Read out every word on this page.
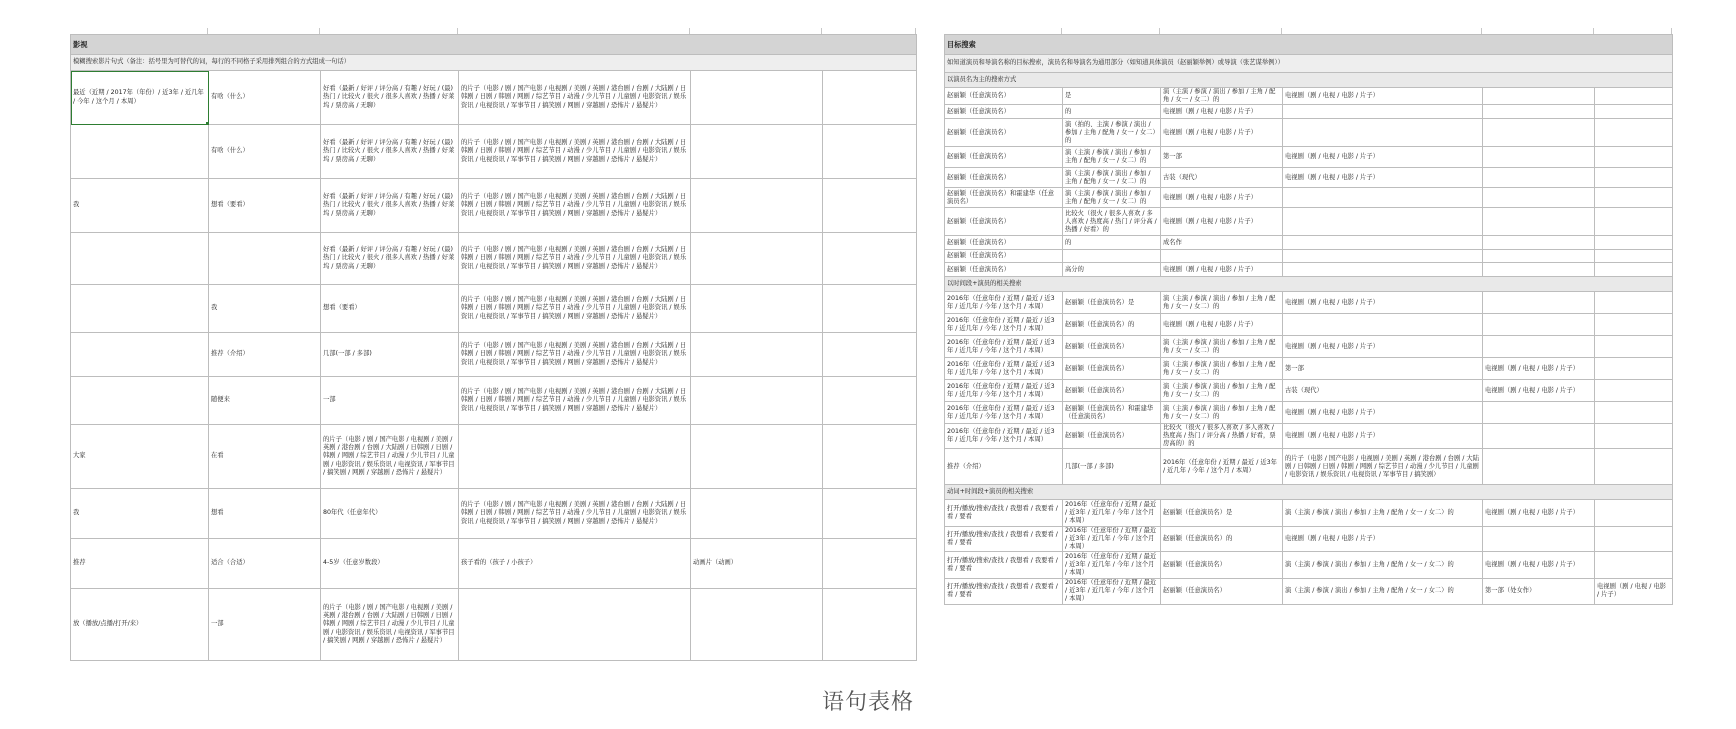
影视					
模糊搜索影片句式（备注：括号里为可替代的词，每行的不同格子采用排列组合的方式组成一句话）					
最近（近期 / 2017年（年份）/ 近3年 / 近几年 / 今年 / 这个月 / 本周）	有啥（什么）	好看（最新 / 好评 / 评分高 / 有趣 / 好玩 / (最) 热门 / 比较火 / 很火 / 很多人喜欢 / 热播 / 好莱坞 / 票房高 / 无聊）	的片子（电影 / 剧 / 国产电影 / 电视剧 / 美剧 / 英剧 / 港台剧 / 台剧 / 大陆剧 / 日韩剧 / 日剧 / 韩剧 / 网剧 / 综艺节目 / 动漫 / 少儿节目 / 儿童剧 / 电影资讯 / 娱乐资讯 / 电视资讯 / 军事节目 / 搞笑剧 / 网剧 / 穿越剧 / 恐怖片 / 悬疑片）		
	有啥（什么）	好看（最新 / 好评 / 评分高 / 有趣 / 好玩 / (最) 热门 / 比较火 / 很火 / 很多人喜欢 / 热播 / 好莱坞 / 票房高 / 无聊）	的片子（电影 / 剧 / 国产电影 / 电视剧 / 美剧 / 英剧 / 港台剧 / 台剧 / 大陆剧 / 日韩剧 / 日剧 / 韩剧 / 网剧 / 综艺节目 / 动漫 / 少儿节目 / 儿童剧 / 电影资讯 / 娱乐资讯 / 电视资讯 / 军事节目 / 搞笑剧 / 网剧 / 穿越剧 / 恐怖片 / 悬疑片）		
我	想看（要看）	好看（最新 / 好评 / 评分高 / 有趣 / 好玩 / (最) 热门 / 比较火 / 很火 / 很多人喜欢 / 热播 / 好莱坞 / 票房高 / 无聊）	的片子（电影 / 剧 / 国产电影 / 电视剧 / 美剧 / 英剧 / 港台剧 / 台剧 / 大陆剧 / 日韩剧 / 日剧 / 韩剧 / 网剧 / 综艺节目 / 动漫 / 少儿节目 / 儿童剧 / 电影资讯 / 娱乐资讯 / 电视资讯 / 军事节目 / 搞笑剧 / 网剧 / 穿越剧 / 恐怖片 / 悬疑片）		
		好看（最新 / 好评 / 评分高 / 有趣 / 好玩 / (最) 热门 / 比较火 / 很火 / 很多人喜欢 / 热播 / 好莱坞 / 票房高 / 无聊）	的片子（电影 / 剧 / 国产电影 / 电视剧 / 美剧 / 英剧 / 港台剧 / 台剧 / 大陆剧 / 日韩剧 / 日剧 / 韩剧 / 网剧 / 综艺节目 / 动漫 / 少儿节目 / 儿童剧 / 电影资讯 / 娱乐资讯 / 电视资讯 / 军事节目 / 搞笑剧 / 网剧 / 穿越剧 / 恐怖片 / 悬疑片）		
	我	想看（要看）	的片子（电影 / 剧 / 国产电影 / 电视剧 / 美剧 / 英剧 / 港台剧 / 台剧 / 大陆剧 / 日韩剧 / 日剧 / 韩剧 / 网剧 / 综艺节目 / 动漫 / 少儿节目 / 儿童剧 / 电影资讯 / 娱乐资讯 / 电视资讯 / 军事节目 / 搞笑剧 / 网剧 / 穿越剧 / 恐怖片 / 悬疑片）		
	推荐（介绍）	几部(一部 / 多部)	的片子（电影 / 剧 / 国产电影 / 电视剧 / 美剧 / 英剧 / 港台剧 / 台剧 / 大陆剧 / 日韩剧 / 日剧 / 韩剧 / 网剧 / 综艺节目 / 动漫 / 少儿节目 / 儿童剧 / 电影资讯 / 娱乐资讯 / 电视资讯 / 军事节目 / 搞笑剧 / 网剧 / 穿越剧 / 恐怖片 / 悬疑片）		
	随便来	一部	的片子（电影 / 剧 / 国产电影 / 电视剧 / 美剧 / 英剧 / 港台剧 / 台剧 / 大陆剧 / 日韩剧 / 日剧 / 韩剧 / 网剧 / 综艺节目 / 动漫 / 少儿节目 / 儿童剧 / 电影资讯 / 娱乐资讯 / 电视资讯 / 军事节目 / 搞笑剧 / 网剧 / 穿越剧 / 恐怖片 / 悬疑片）		
大家	在看	的片子（电影 / 剧 / 国产电影 / 电视剧 / 美剧 / 英剧 / 港台剧 / 台剧 / 大陆剧 / 日韩剧 / 日剧 / 韩剧 / 网剧 / 综艺节目 / 动漫 / 少儿节目 / 儿童剧 / 电影资讯 / 娱乐资讯 / 电视资讯 / 军事节目 / 搞笑剧 / 网剧 / 穿越剧 / 恐怖片 / 悬疑片）			
我	想看	80年代（任意年代）	的片子（电影 / 剧 / 国产电影 / 电视剧 / 美剧 / 英剧 / 港台剧 / 台剧 / 大陆剧 / 日韩剧 / 日剧 / 韩剧 / 网剧 / 综艺节目 / 动漫 / 少儿节目 / 儿童剧 / 电影资讯 / 娱乐资讯 / 电视资讯 / 军事节目 / 搞笑剧 / 网剧 / 穿越剧 / 恐怖片 / 悬疑片）		
推荐	适合（合适）	4-5岁（任意岁数段）	孩子看的（孩子 / 小孩子）	动画片（动画）	
放（播放/点播/打开/来）	一部	的片子（电影 / 剧 / 国产电影 / 电视剧 / 美剧 / 英剧 / 港台剧 / 台剧 / 大陆剧 / 日韩剧 / 日剧 / 韩剧 / 网剧 / 综艺节目 / 动漫 / 少儿节目 / 儿童剧 / 电影资讯 / 娱乐资讯 / 电视资讯 / 军事节目 / 搞笑剧 / 网剧 / 穿越剧 / 恐怖片 / 悬疑片）			
目标搜索					
如知道演员和导演名称的目标搜索，演员名和导演名为通用部分（如知道具体演员（赵丽颖举例）或导演（张艺谋举例））					
以演员名为主的搜索方式					
赵丽颖（任意演员名）	是	演（主演 / 参演 / 演出 / 参加 / 主角 / 配角 / 女一 / 女二）的	电视剧（剧 / 电视 / 电影 / 片子）		
赵丽颖（任意演员名）	的	电视剧（剧 / 电视 / 电影 / 片子）			
赵丽颖（任意演员名）	演（拍的、主演 / 参演 / 演出 / 参加 / 主角 / 配角 / 女一 / 女二）的	电视剧（剧 / 电视 / 电影 / 片子）			
赵丽颖（任意演员名）	演（主演 / 参演 / 演出 / 参加 / 主角 / 配角 / 女一 / 女二）的	第一部	电视剧（剧 / 电视 / 电影 / 片子）		
赵丽颖（任意演员名）	演（主演 / 参演 / 演出 / 参加 / 主角 / 配角 / 女一 / 女二）的	古装（现代）	电视剧（剧 / 电视 / 电影 / 片子）		
赵丽颖（任意演员名）和霍建华（任意演员名）	演（主演 / 参演 / 演出 / 参加 / 主角 / 配角 / 女一 / 女二）的	电视剧（剧 / 电视 / 电影 / 片子）			
赵丽颖（任意演员名）	比较火（很火 / 很多人喜欢 / 多人喜欢 / 热度高 / 热门 / 评分高 / 热播 / 好看）的	电视剧（剧 / 电视 / 电影 / 片子）			
赵丽颖（任意演员名）	的	成名作			
赵丽颖（任意演员名）					
赵丽颖（任意演员名）	高分的	电视剧（剧 / 电视 / 电影 / 片子）			
以时间段+演员的相关搜索					
2016年（任意年份 / 近期 / 最近 / 近3年 / 近几年 / 今年 / 这个月 / 本周）	赵丽颖（任意演员名）是	演（主演 / 参演 / 演出 / 参加 / 主角 / 配角 / 女一 / 女二）的	电视剧（剧 / 电视 / 电影 / 片子）		
2016年（任意年份 / 近期 / 最近 / 近3年 / 近几年 / 今年 / 这个月 / 本周）	赵丽颖（任意演员名）的	电视剧（剧 / 电视 / 电影 / 片子）			
2016年（任意年份 / 近期 / 最近 / 近3年 / 近几年 / 今年 / 这个月 / 本周）	赵丽颖（任意演员名）	演（主演 / 参演 / 演出 / 参加 / 主角 / 配角 / 女一 / 女二）的	电视剧（剧 / 电视 / 电影 / 片子）		
2016年（任意年份 / 近期 / 最近 / 近3年 / 近几年 / 今年 / 这个月 / 本周）	赵丽颖（任意演员名）	演（主演 / 参演 / 演出 / 参加 / 主角 / 配角 / 女一 / 女二）的	第一部	电视剧（剧 / 电视 / 电影 / 片子）	
2016年（任意年份 / 近期 / 最近 / 近3年 / 近几年 / 今年 / 这个月 / 本周）	赵丽颖（任意演员名）	演（主演 / 参演 / 演出 / 参加 / 主角 / 配角 / 女一 / 女二）的	古装（现代）	电视剧（剧 / 电视 / 电影 / 片子）	
2016年（任意年份 / 近期 / 最近 / 近3年 / 近几年 / 今年 / 这个月 / 本周）	赵丽颖（任意演员名）和霍建华（任意演员名）	演（主演 / 参演 / 演出 / 参加 / 主角 / 配角 / 女一 / 女二）的	电视剧（剧 / 电视 / 电影 / 片子）		
2016年（任意年份 / 近期 / 最近 / 近3年 / 近几年 / 今年 / 这个月 / 本周）	赵丽颖（任意演员名）	比较火（很火 / 很多人喜欢 / 多人喜欢 / 热度高 / 热门 / 评分高 / 热播 / 好看，票房高的）的	电视剧（剧 / 电视 / 电影 / 片子）		
推荐（介绍）	几部(一部 / 多部)	2016年（任意年份 / 近期 / 最近 / 近3年 / 近几年 / 今年 / 这个月 / 本周）	的片子（电影 / 国产电影 / 电视剧 / 美剧 / 英剧 / 港台剧 / 台剧 / 大陆剧 / 日韩剧 / 日剧 / 韩剧 / 网剧 / 综艺节目 / 动漫 / 少儿节目 / 儿童剧 / 电影资讯 / 娱乐资讯 / 电视资讯 / 军事节目 / 搞笑剧）		
动词+时间段+演员的相关搜索					
打开/播放/搜索/查找 / 我想看 / 我要看 / 看 / 要看	2016年（任意年份 / 近期 / 最近 / 近3年 / 近几年 / 今年 / 这个月 / 本周）	赵丽颖（任意演员名）是	演（主演 / 参演 / 演出 / 参加 / 主角 / 配角 / 女一 / 女二）的	电视剧（剧 / 电视 / 电影 / 片子）	
打开/播放/搜索/查找 / 我想看 / 我要看 / 看 / 要看	2016年（任意年份 / 近期 / 最近 / 近3年 / 近几年 / 今年 / 这个月 / 本周）	赵丽颖（任意演员名）的	电视剧（剧 / 电视 / 电影 / 片子）		
打开/播放/搜索/查找 / 我想看 / 我要看 / 看 / 要看	2016年（任意年份 / 近期 / 最近 / 近3年 / 近几年 / 今年 / 这个月 / 本周）	赵丽颖（任意演员名）	演（主演 / 参演 / 演出 / 参加 / 主角 / 配角 / 女一 / 女二）的	电视剧（剧 / 电视 / 电影 / 片子）	
打开/播放/搜索/查找 / 我想看 / 我要看 / 看 / 要看	2016年（任意年份 / 近期 / 最近 / 近3年 / 近几年 / 今年 / 这个月 / 本周）	赵丽颖（任意演员名）	演（主演 / 参演 / 演出 / 参加 / 主角 / 配角 / 女一 / 女二）的	第一部（处女作）	电视剧（剧 / 电视 / 电影 / 片子）
语句表格
